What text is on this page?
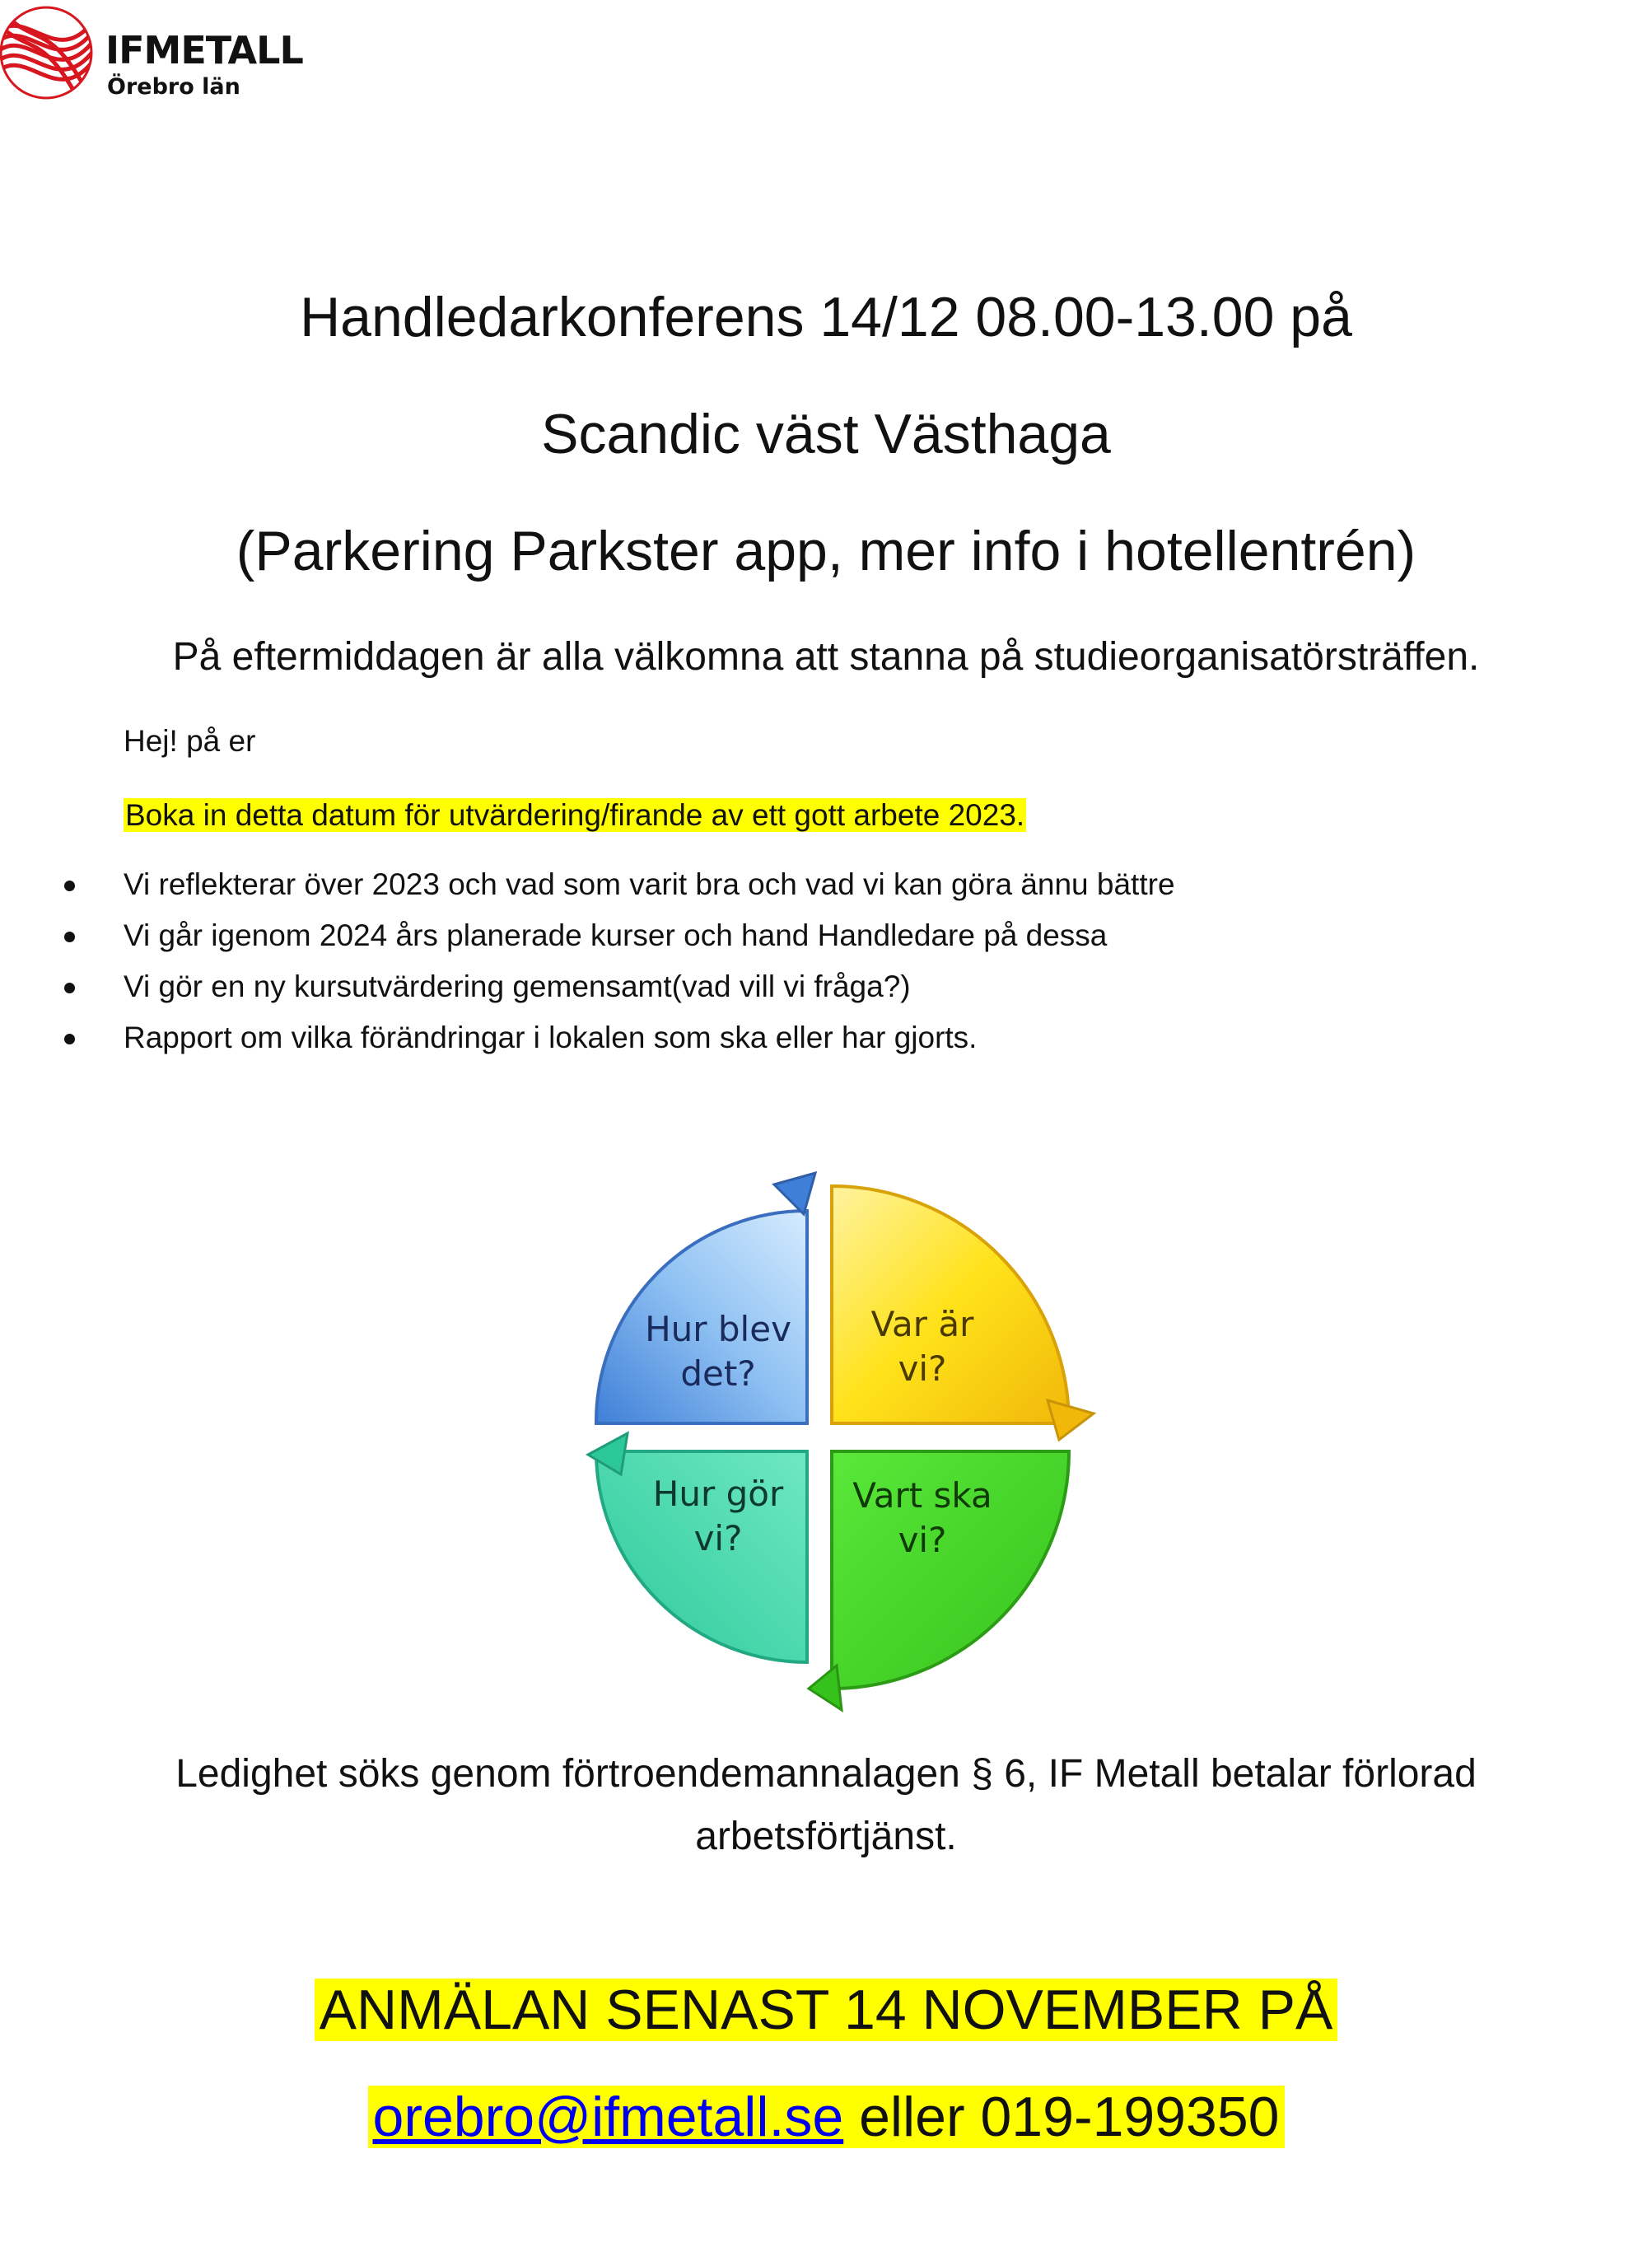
IFMETALL
Örebro län
Handledarkonferens 14/12 08.00-13.00 på
Scandic väst Västhaga
(Parkering Parkster app, mer info i hotellentrén)
På eftermiddagen är alla välkomna att stanna på studieorganisatörsträffen.
Hej! på er
Boka in detta datum för utvärdering/firande av ett gott arbete 2023.
Vi reflekterar över 2023 och vad som varit bra och vad vi kan göra ännu bättre
Vi går igenom 2024 års planerade kurser och hand Handledare på dessa
Vi gör en ny kursutvärdering gemensamt(vad vill vi fråga?)
Rapport om vilka förändringar i lokalen som ska eller har gjorts.
Hur blev
det?
Var är
vi?
Hur gör
vi?
Vart ska
vi?
Ledighet söks genom förtroendemannalagen § 6, IF Metall betalar förlorad
arbetsförtjänst.
ANMÄLAN SENAST 14 NOVEMBER PÅ
orebro@ifmetall.se eller 019-199350
